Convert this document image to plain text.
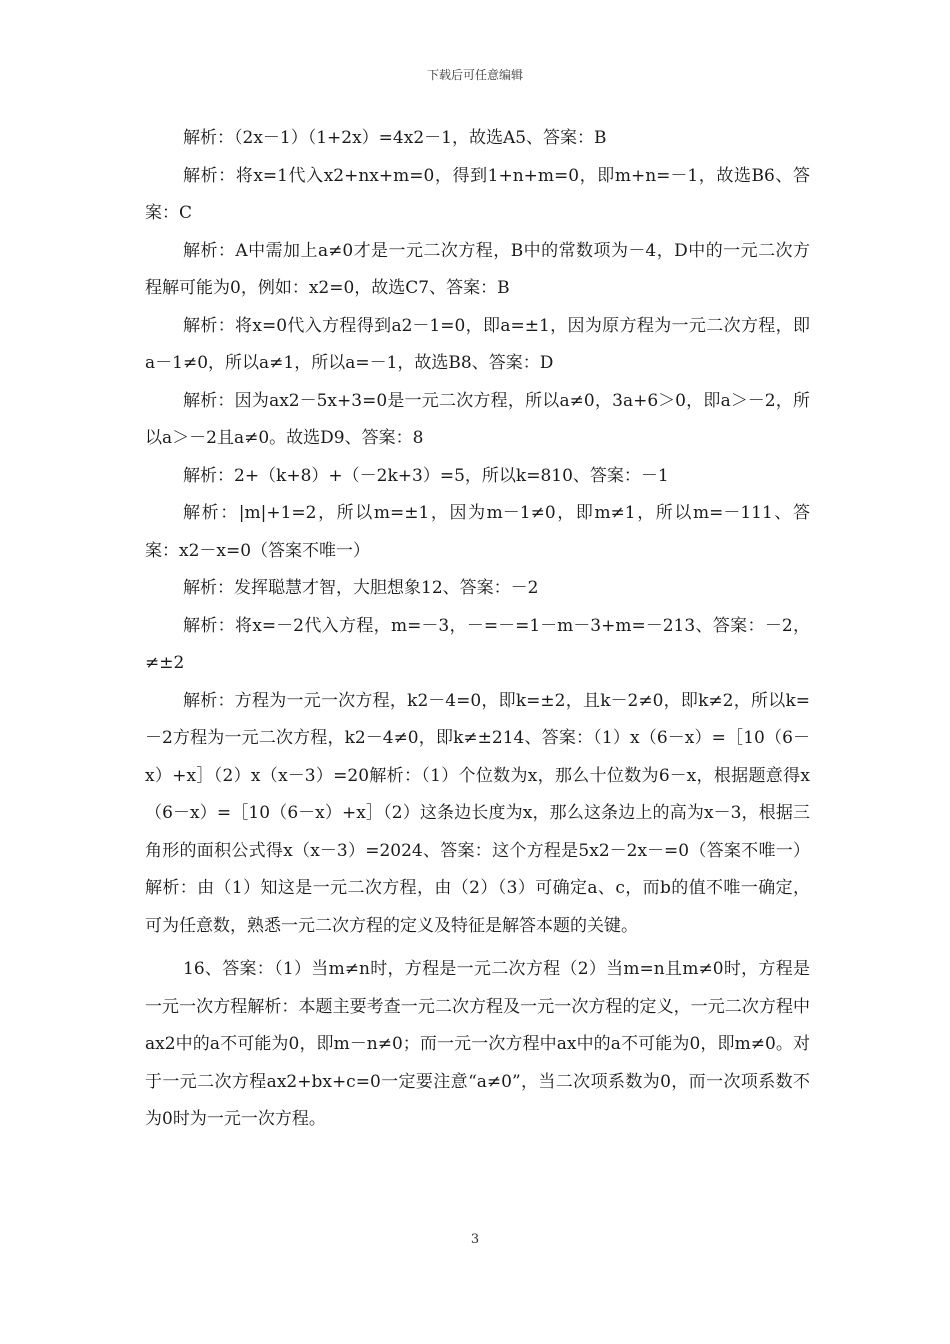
下载后可任意编辑

解析：（2x－1）（1+2x）=4x2－1，故选A5、答案：B

解析：将x=1代入x2+nx+m=0，得到1+n+m=0，即m+n=－1，故选B6、答案：C

解析：A中需加上a≠0才是一元二次方程，B中的常数项为－4，D中的一元二次方程解可能为0，例如：x2=0，故选C7、答案：B

解析：将x=0代入方程得到a2－1=0，即a=±1，因为原方程为一元二次方程，即a－1≠0，所以a≠1，所以a=－1，故选B8、答案：D

解析：因为ax2－5x+3=0是一元二次方程，所以a≠0，3a+6＞0，即a＞－2，所以a＞－2且a≠0。故选D9、答案：8

解析：2+（k+8）+（－2k+3）=5，所以k=810、答案：－1

解析：|m|+1=2，所以m=±1，因为m－1≠0，即m≠1，所以m=－111、答案：x2－x=0（答案不唯一）

解析：发挥聪慧才智，大胆想象12、答案：－2

解析：将x=－2代入方程，m=－3，－=－=1－m－3+m=－213、答案：－2，≠±2

解析：方程为一元一次方程，k2－4=0，即k=±2，且k－2≠0，即k≠2，所以k=－2方程为一元二次方程，k2－4≠0，即k≠±214、答案：（1）x（6－x）=［10（6－x）+x］（2）x（x－3）=20解析：（1）个位数为x，那么十位数为6－x，根据题意得x（6－x）=［10（6－x）+x］（2）这条边长度为x，那么这条边上的高为x－3，根据三角形的面积公式得x（x－3）=2024、答案：这个方程是5x2－2x－=0（答案不唯一）解析：由（1）知这是一元二次方程，由（2）（3）可确定a、c，而b的值不唯一确定，可为任意数，熟悉一元二次方程的定义及特征是解答本题的关键。

16、答案：（1）当m≠n时，方程是一元二次方程（2）当m=n且m≠0时，方程是一元一次方程解析：本题主要考查一元二次方程及一元一次方程的定义，一元二次方程中ax2中的a不可能为0，即m－n≠0；而一元一次方程中ax中的a不可能为0，即m≠0。对于一元二次方程ax2+bx+c=0一定要注意“a≠0”，当二次项系数为0，而一次项系数不为0时为一元一次方程。

3
